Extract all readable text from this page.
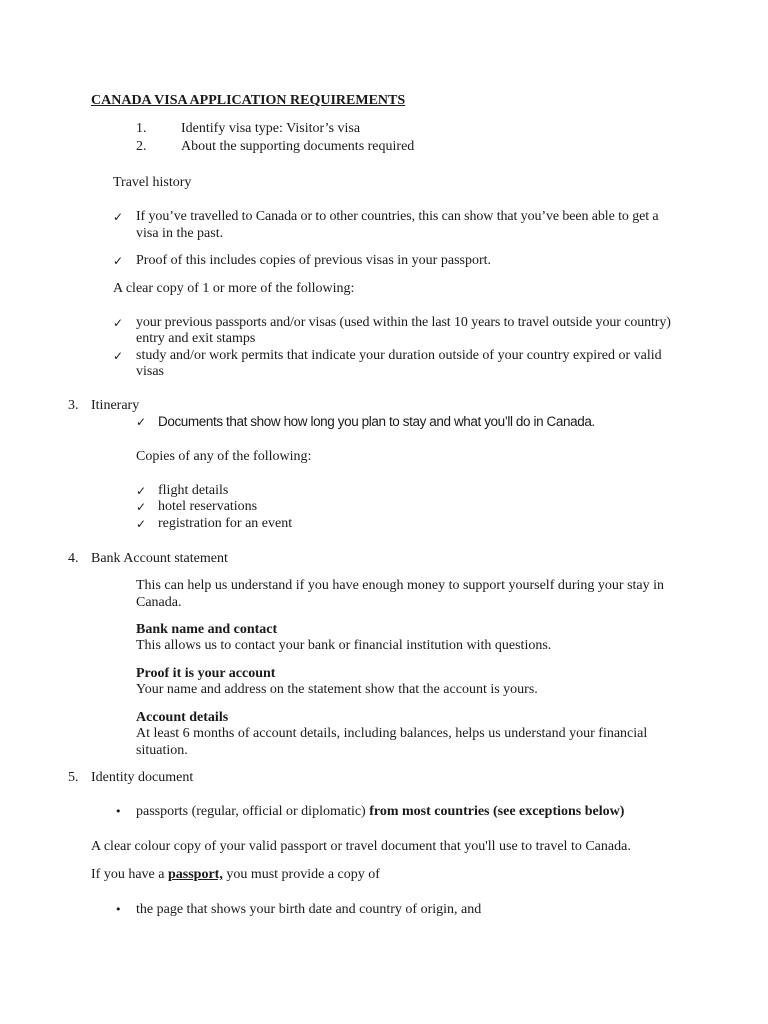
CANADA VISA APPLICATION REQUIREMENTS
1. Identify visa type: Visitor’s visa
2. About the supporting documents required
Travel history
✓ If you’ve travelled to Canada or to other countries, this can show that you’ve been able to get a
visa in the past.
✓ Proof of this includes copies of previous visas in your passport.
A clear copy of 1 or more of the following:
✓ your previous passports and/or visas (used within the last 10 years to travel outside your country)
entry and exit stamps
✓ study and/or work permits that indicate your duration outside of your country expired or valid
visas
3. Itinerary
✓ Documents that show how long you plan to stay and what you’ll do in Canada.
Copies of any of the following:
✓ flight details
✓ hotel reservations
✓ registration for an event
4. Bank Account statement
This can help us understand if you have enough money to support yourself during your stay in
Canada.
Bank name and contact
This allows us to contact your bank or financial institution with questions.
Proof it is your account
Your name and address on the statement show that the account is yours.
Account details
At least 6 months of account details, including balances, helps us understand your financial
situation.
5. Identity document
• passports (regular, official or diplomatic) from most countries (see exceptions below)
A clear colour copy of your valid passport or travel document that you'll use to travel to Canada.
If you have a passport, you must provide a copy of
• the page that shows your birth date and country of origin, and
